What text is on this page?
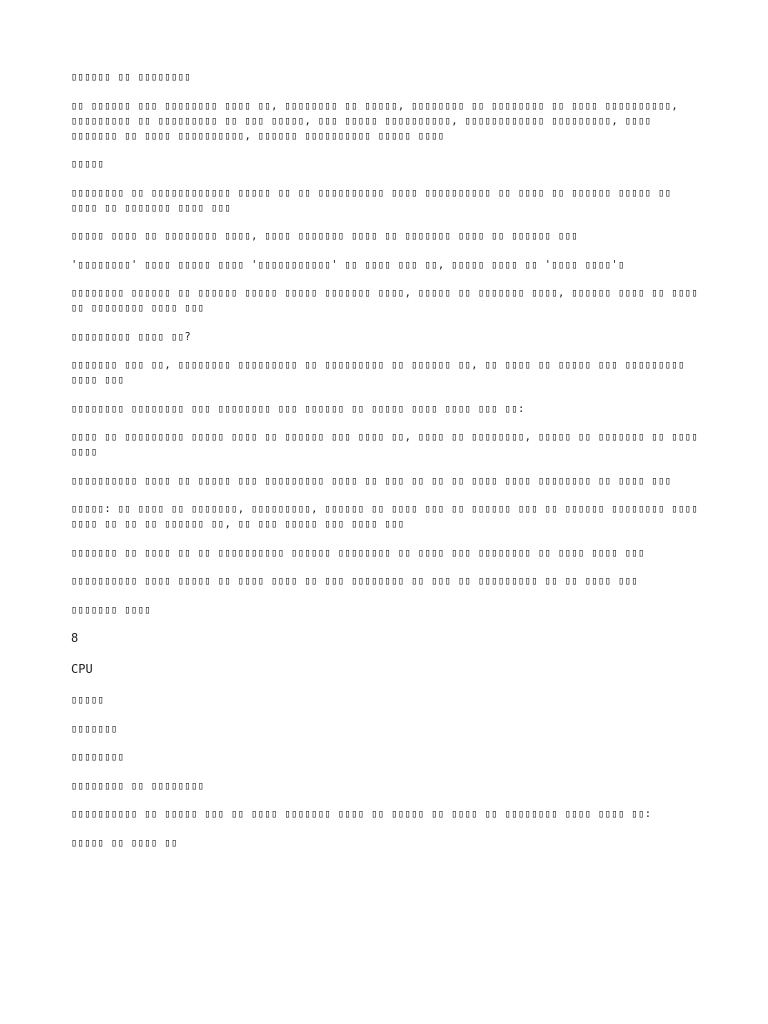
▯▯▯▯▯▯ ▯▯ ▯▯▯▯▯▯▯▯

▯▯ ▯▯▯▯▯▯ ▯▯▯ ▯▯▯▯▯▯▯▯ ▯▯▯▯ ▯▯, ▯▯▯▯▯▯▯▯ ▯▯ ▯▯▯▯▯, ▯▯▯▯▯▯▯▯ ▯▯ ▯▯▯▯▯▯▯▯ ▯▯ ▯▯▯▯ ▯▯▯▯▯▯▯▯▯▯, ▯▯▯▯▯▯▯▯▯ ▯▯ ▯▯▯▯▯▯▯▯▯ ▯▯ ▯▯▯ ▯▯▯▯▯, ▯▯▯ ▯▯▯▯▯ ▯▯▯▯▯▯▯▯▯▯, ▯▯▯▯▯▯▯▯▯▯▯▯ ▯▯▯▯▯▯▯▯▯, ▯▯▯▯ ▯▯▯▯▯▯▯ ▯▯ ▯▯▯▯ ▯▯▯▯▯▯▯▯▯▯, ▯▯▯▯▯▯ ▯▯▯▯▯▯▯▯▯▯ ▯▯▯▯▯ ▯▯▯▯

▯▯▯▯▯

▯▯▯▯▯▯▯▯ ▯▯ ▯▯▯▯▯▯▯▯▯▯▯▯ ▯▯▯▯▯ ▯▯ ▯▯ ▯▯▯▯▯▯▯▯▯▯ ▯▯▯▯ ▯▯▯▯▯▯▯▯▯▯ ▯▯ ▯▯▯▯ ▯▯ ▯▯▯▯▯▯ ▯▯▯▯▯ ▯▯ ▯▯▯▯ ▯▯ ▯▯▯▯▯▯▯ ▯▯▯▯ ▯▯▯

▯▯▯▯▯ ▯▯▯▯ ▯▯ ▯▯▯▯▯▯▯▯ ▯▯▯▯, ▯▯▯▯ ▯▯▯▯▯▯▯ ▯▯▯▯ ▯▯ ▯▯▯▯▯▯▯ ▯▯▯▯ ▯▯ ▯▯▯▯▯▯ ▯▯▯

'▯▯▯▯▯▯▯▯' ▯▯▯▯ ▯▯▯▯▯ ▯▯▯▯ '▯▯▯▯▯▯▯▯▯▯▯' ▯▯ ▯▯▯▯ ▯▯▯ ▯▯, ▯▯▯▯▯ ▯▯▯▯ ▯▯ '▯▯▯▯ ▯▯▯▯'▯

▯▯▯▯▯▯▯▯ ▯▯▯▯▯▯ ▯▯ ▯▯▯▯▯▯ ▯▯▯▯▯ ▯▯▯▯▯ ▯▯▯▯▯▯▯ ▯▯▯▯, ▯▯▯▯▯ ▯▯ ▯▯▯▯▯▯▯ ▯▯▯▯, ▯▯▯▯▯▯ ▯▯▯▯ ▯▯ ▯▯▯▯ ▯▯ ▯▯▯▯▯▯▯▯ ▯▯▯▯ ▯▯▯

▯▯▯▯▯▯▯▯▯ ▯▯▯▯ ▯▯?

▯▯▯▯▯▯▯ ▯▯▯ ▯▯, ▯▯▯▯▯▯▯▯ ▯▯▯▯▯▯▯▯▯ ▯▯ ▯▯▯▯▯▯▯▯▯ ▯▯ ▯▯▯▯▯▯ ▯▯, ▯▯ ▯▯▯▯ ▯▯ ▯▯▯▯▯ ▯▯▯ ▯▯▯▯▯▯▯▯▯ ▯▯▯▯ ▯▯▯

▯▯▯▯▯▯▯▯ ▯▯▯▯▯▯▯▯ ▯▯▯ ▯▯▯▯▯▯▯▯ ▯▯▯ ▯▯▯▯▯▯ ▯▯ ▯▯▯▯▯ ▯▯▯▯ ▯▯▯▯ ▯▯▯ ▯▯:

▯▯▯▯ ▯▯ ▯▯▯▯▯▯▯▯▯ ▯▯▯▯▯ ▯▯▯▯ ▯▯ ▯▯▯▯▯▯ ▯▯▯ ▯▯▯▯ ▯▯, ▯▯▯▯ ▯▯ ▯▯▯▯▯▯▯▯, ▯▯▯▯▯ ▯▯ ▯▯▯▯▯▯▯ ▯▯ ▯▯▯▯ ▯▯▯▯

▯▯▯▯▯▯▯▯▯▯ ▯▯▯▯ ▯▯ ▯▯▯▯▯ ▯▯▯ ▯▯▯▯▯▯▯▯▯ ▯▯▯▯ ▯▯ ▯▯▯ ▯▯ ▯▯ ▯▯ ▯▯▯▯ ▯▯▯▯ ▯▯▯▯▯▯▯▯ ▯▯ ▯▯▯▯ ▯▯▯

▯▯▯▯▯: ▯▯ ▯▯▯▯ ▯▯ ▯▯▯▯▯▯▯, ▯▯▯▯▯▯▯▯▯, ▯▯▯▯▯▯ ▯▯ ▯▯▯▯ ▯▯▯ ▯▯ ▯▯▯▯▯▯ ▯▯▯ ▯▯ ▯▯▯▯▯▯ ▯▯▯▯▯▯▯▯ ▯▯▯▯ ▯▯▯▯ ▯▯ ▯▯ ▯▯ ▯▯▯▯▯▯ ▯▯, ▯▯ ▯▯▯ ▯▯▯▯▯ ▯▯▯ ▯▯▯▯ ▯▯▯

▯▯▯▯▯▯▯ ▯▯ ▯▯▯▯ ▯▯ ▯▯ ▯▯▯▯▯▯▯▯▯▯ ▯▯▯▯▯▯ ▯▯▯▯▯▯▯▯ ▯▯ ▯▯▯▯ ▯▯▯ ▯▯▯▯▯▯▯▯ ▯▯ ▯▯▯▯ ▯▯▯▯ ▯▯▯

▯▯▯▯▯▯▯▯▯▯ ▯▯▯▯ ▯▯▯▯▯ ▯▯ ▯▯▯▯ ▯▯▯▯ ▯▯ ▯▯▯ ▯▯▯▯▯▯▯▯ ▯▯ ▯▯▯ ▯▯ ▯▯▯▯▯▯▯▯▯ ▯▯ ▯▯ ▯▯▯▯ ▯▯▯

▯▯▯▯▯▯▯ ▯▯▯▯

8

CPU

▯▯▯▯▯

▯▯▯▯▯▯▯

▯▯▯▯▯▯▯▯

▯▯▯▯▯▯▯▯ ▯▯ ▯▯▯▯▯▯▯▯

▯▯▯▯▯▯▯▯▯▯ ▯▯ ▯▯▯▯▯ ▯▯▯ ▯▯ ▯▯▯▯ ▯▯▯▯▯▯▯ ▯▯▯▯ ▯▯ ▯▯▯▯▯ ▯▯ ▯▯▯▯ ▯▯ ▯▯▯▯▯▯▯▯ ▯▯▯▯ ▯▯▯▯ ▯▯:

▯▯▯▯▯ ▯▯ ▯▯▯▯ ▯▯
